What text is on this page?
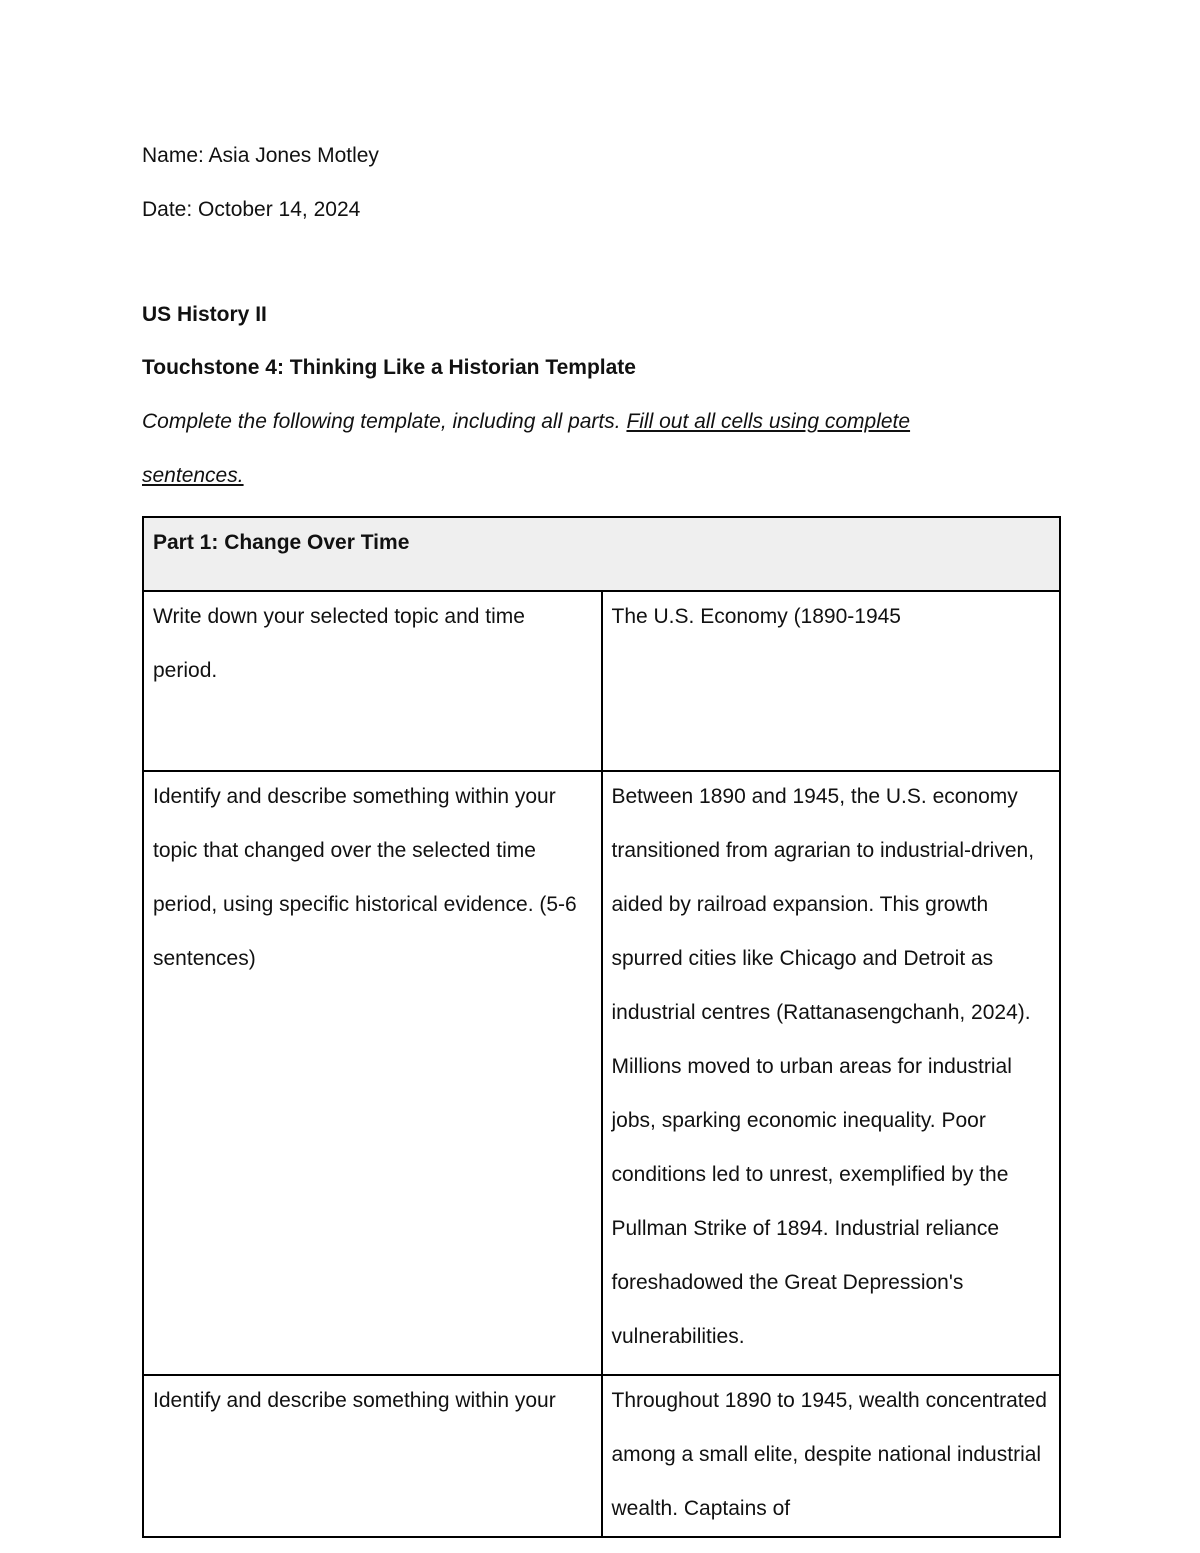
Name: Asia Jones Motley
Date: October 14, 2024
US History II
Touchstone 4: Thinking Like a Historian Template
Complete the following template, including all parts. Fill out all cells using complete
sentences.
Part 1: Change Over Time	

Write down your selected topic and time period.	The U.S. Economy (1890-1945

Identify and describe something within your topic that changed over the selected time period, using specific historical evidence. (5-6 sentences)	Between 1890 and 1945, the U.S. economy transitioned from agrarian to industrial-driven, aided by railroad expansion. This growth spurred cities like Chicago and Detroit as industrial centres (Rattanasengchanh, 2024). Millions moved to urban areas for industrial jobs, sparking economic inequality. Poor conditions led to unrest, exemplified by the Pullman Strike of 1894. Industrial reliance foreshadowed the Great Depression's vulnerabilities.

Identify and describe something within your	Throughout 1890 to 1945, wealth concentrated among a small elite, despite national industrial wealth. Captains of
